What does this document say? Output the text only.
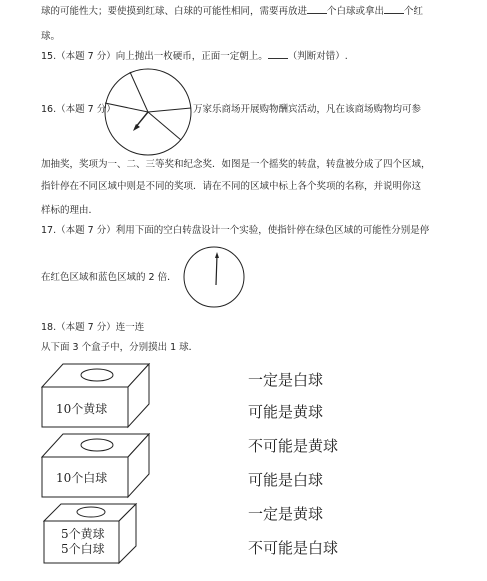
球的可能性大；要使摸到红球、白球的可能性相同，需要再放进 个白球或拿出 个红
球。
15.（本题 7 分）向上抛出一枚硬币，正面一定朝上。 （判断对错）.
16.（本题 7 分）	万家乐商场开展购物酬宾活动，凡在该商场购物均可参
加抽奖，奖项为一、二、三等奖和纪念奖．如图是一个摇奖的转盘，转盘被分成了四个区域，
指针停在不同区域中则是不同的奖项．请在不同的区域中标上各个奖项的名称，并说明你这
样标的理由．
17.（本题 7 分）利用下面的空白转盘设计一个实验，使指针停在绿色区域的可能性分别是停
在红色区域和蓝色区域的 2 倍．
18.（本题 7 分）连一连
从下面 3 个盒子中，分别摸出 1 球．
10个黄球
10个白球
5个黄球
5个白球
一定是白球
可能是黄球
不可能是黄球
可能是白球
一定是黄球
不可能是白球
